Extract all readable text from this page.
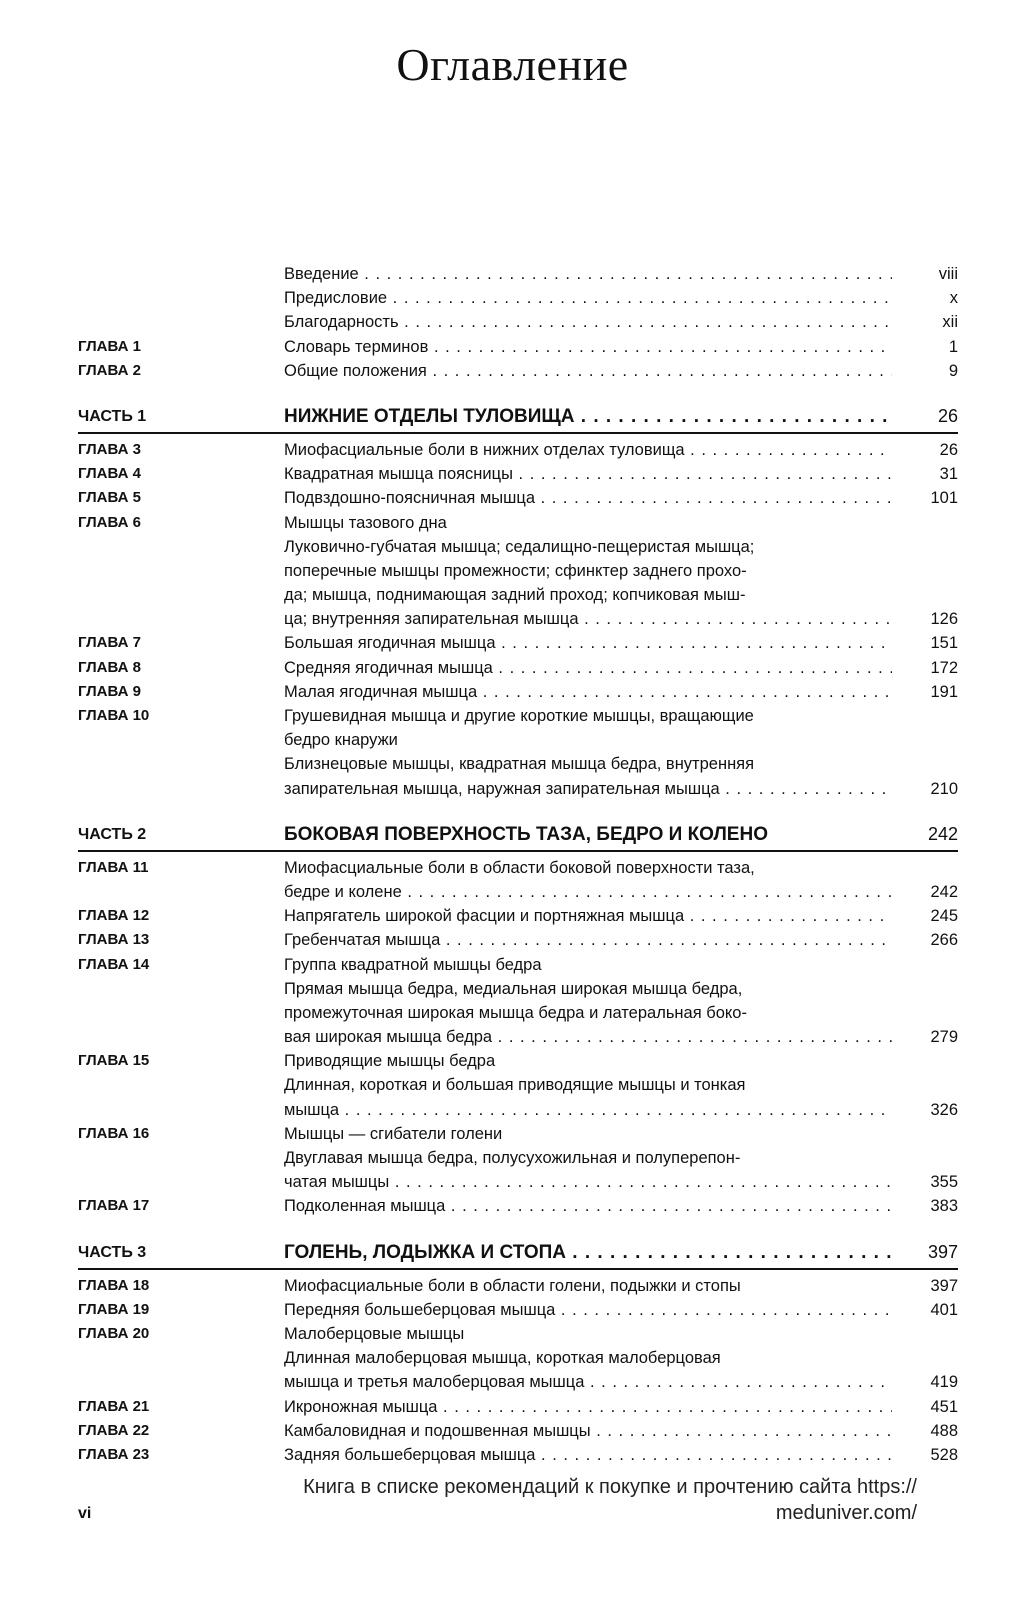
Оглавление
Введение . . .	viii
Предисловие . . .	x
Благодарность . . .	xii
ГЛАВА 1	Словарь терминов . . .	1
ГЛАВА 2	Общие положения . . .	9
ЧАСТЬ 1	НИЖНИЕ ОТДЕЛЫ ТУЛОВИЩА . . .	26
ГЛАВА 3	Миофасциальные боли в нижних отделах туловища . . .	26
ГЛАВА 4	Квадратная мышца поясницы . . .	31
ГЛАВА 5	Подвздошно-поясничная мышца . . .	101
ГЛАВА 6	Мышцы тазового дна
Луковично-губчатая мышца; седалищно-пещеристая мышца;
поперечные мышцы промежности; сфинктер заднего прохо-
да; мышца, поднимающая задний проход; копчиковая мыш-
ца; внутренняя запирательная мышца . . .	126
ГЛАВА 7	Большая ягодичная мышца . . .	151
ГЛАВА 8	Средняя ягодичная мышца . . .	172
ГЛАВА 9	Малая ягодичная мышца . . .	191
ГЛАВА 10	Грушевидная мышца и другие короткие мышцы, вращающие
бедро кнаружи
Близнецовые мышцы, квадратная мышца бедра, внутренняя
запирательная мышца, наружная запирательная мышца . . .	210
ЧАСТЬ 2	БОКОВАЯ ПОВЕРХНОСТЬ ТАЗА, БЕДРО И КОЛЕНО	242
ГЛАВА 11	Миофасциальные боли в области боковой поверхности таза,
бедре и колене . . .	242
ГЛАВА 12	Напрягатель широкой фасции и портняжная мышца . . .	245
ГЛАВА 13	Гребенчатая мышца . . .	266
ГЛАВА 14	Группа квадратной мышцы бедра
Прямая мышца бедра, медиальная широкая мышца бедра,
промежуточная широкая мышца бедра и латеральная боко-
вая широкая мышца бедра . . .	279
ГЛАВА 15	Приводящие мышцы бедра
Длинная, короткая и большая приводящие мышцы и тонкая
мышца . . .	326
ГЛАВА 16	Мышцы — сгибатели голени
Двуглавая мышца бедра, полусухожильная и полуперепон-
чатая мышцы . . .	355
ГЛАВА 17	Подколенная мышца . . .	383
ЧАСТЬ 3	ГОЛЕНЬ, ЛОДЫЖКА И СТОПА . . .	397
ГЛАВА 18	Миофасциальные боли в области голени, подыжки и стопы	397
ГЛАВА 19	Передняя большеберцовая мышца . . .	401
ГЛАВА 20	Малоберцовые мышцы
Длинная малоберцовая мышца, короткая малоберцовая
мышца и третья малоберцовая мышца . . .	419
ГЛАВА 21	Икроножная мышца . . .	451
ГЛАВА 22	Камбаловидная и подошвенная мышцы . . .	488
ГЛАВА 23	Задняя большеберцовая мышца . . .	528
Книга в списке рекомендаций к покупке и прочтению сайта https://
meduniver.com/
vi
